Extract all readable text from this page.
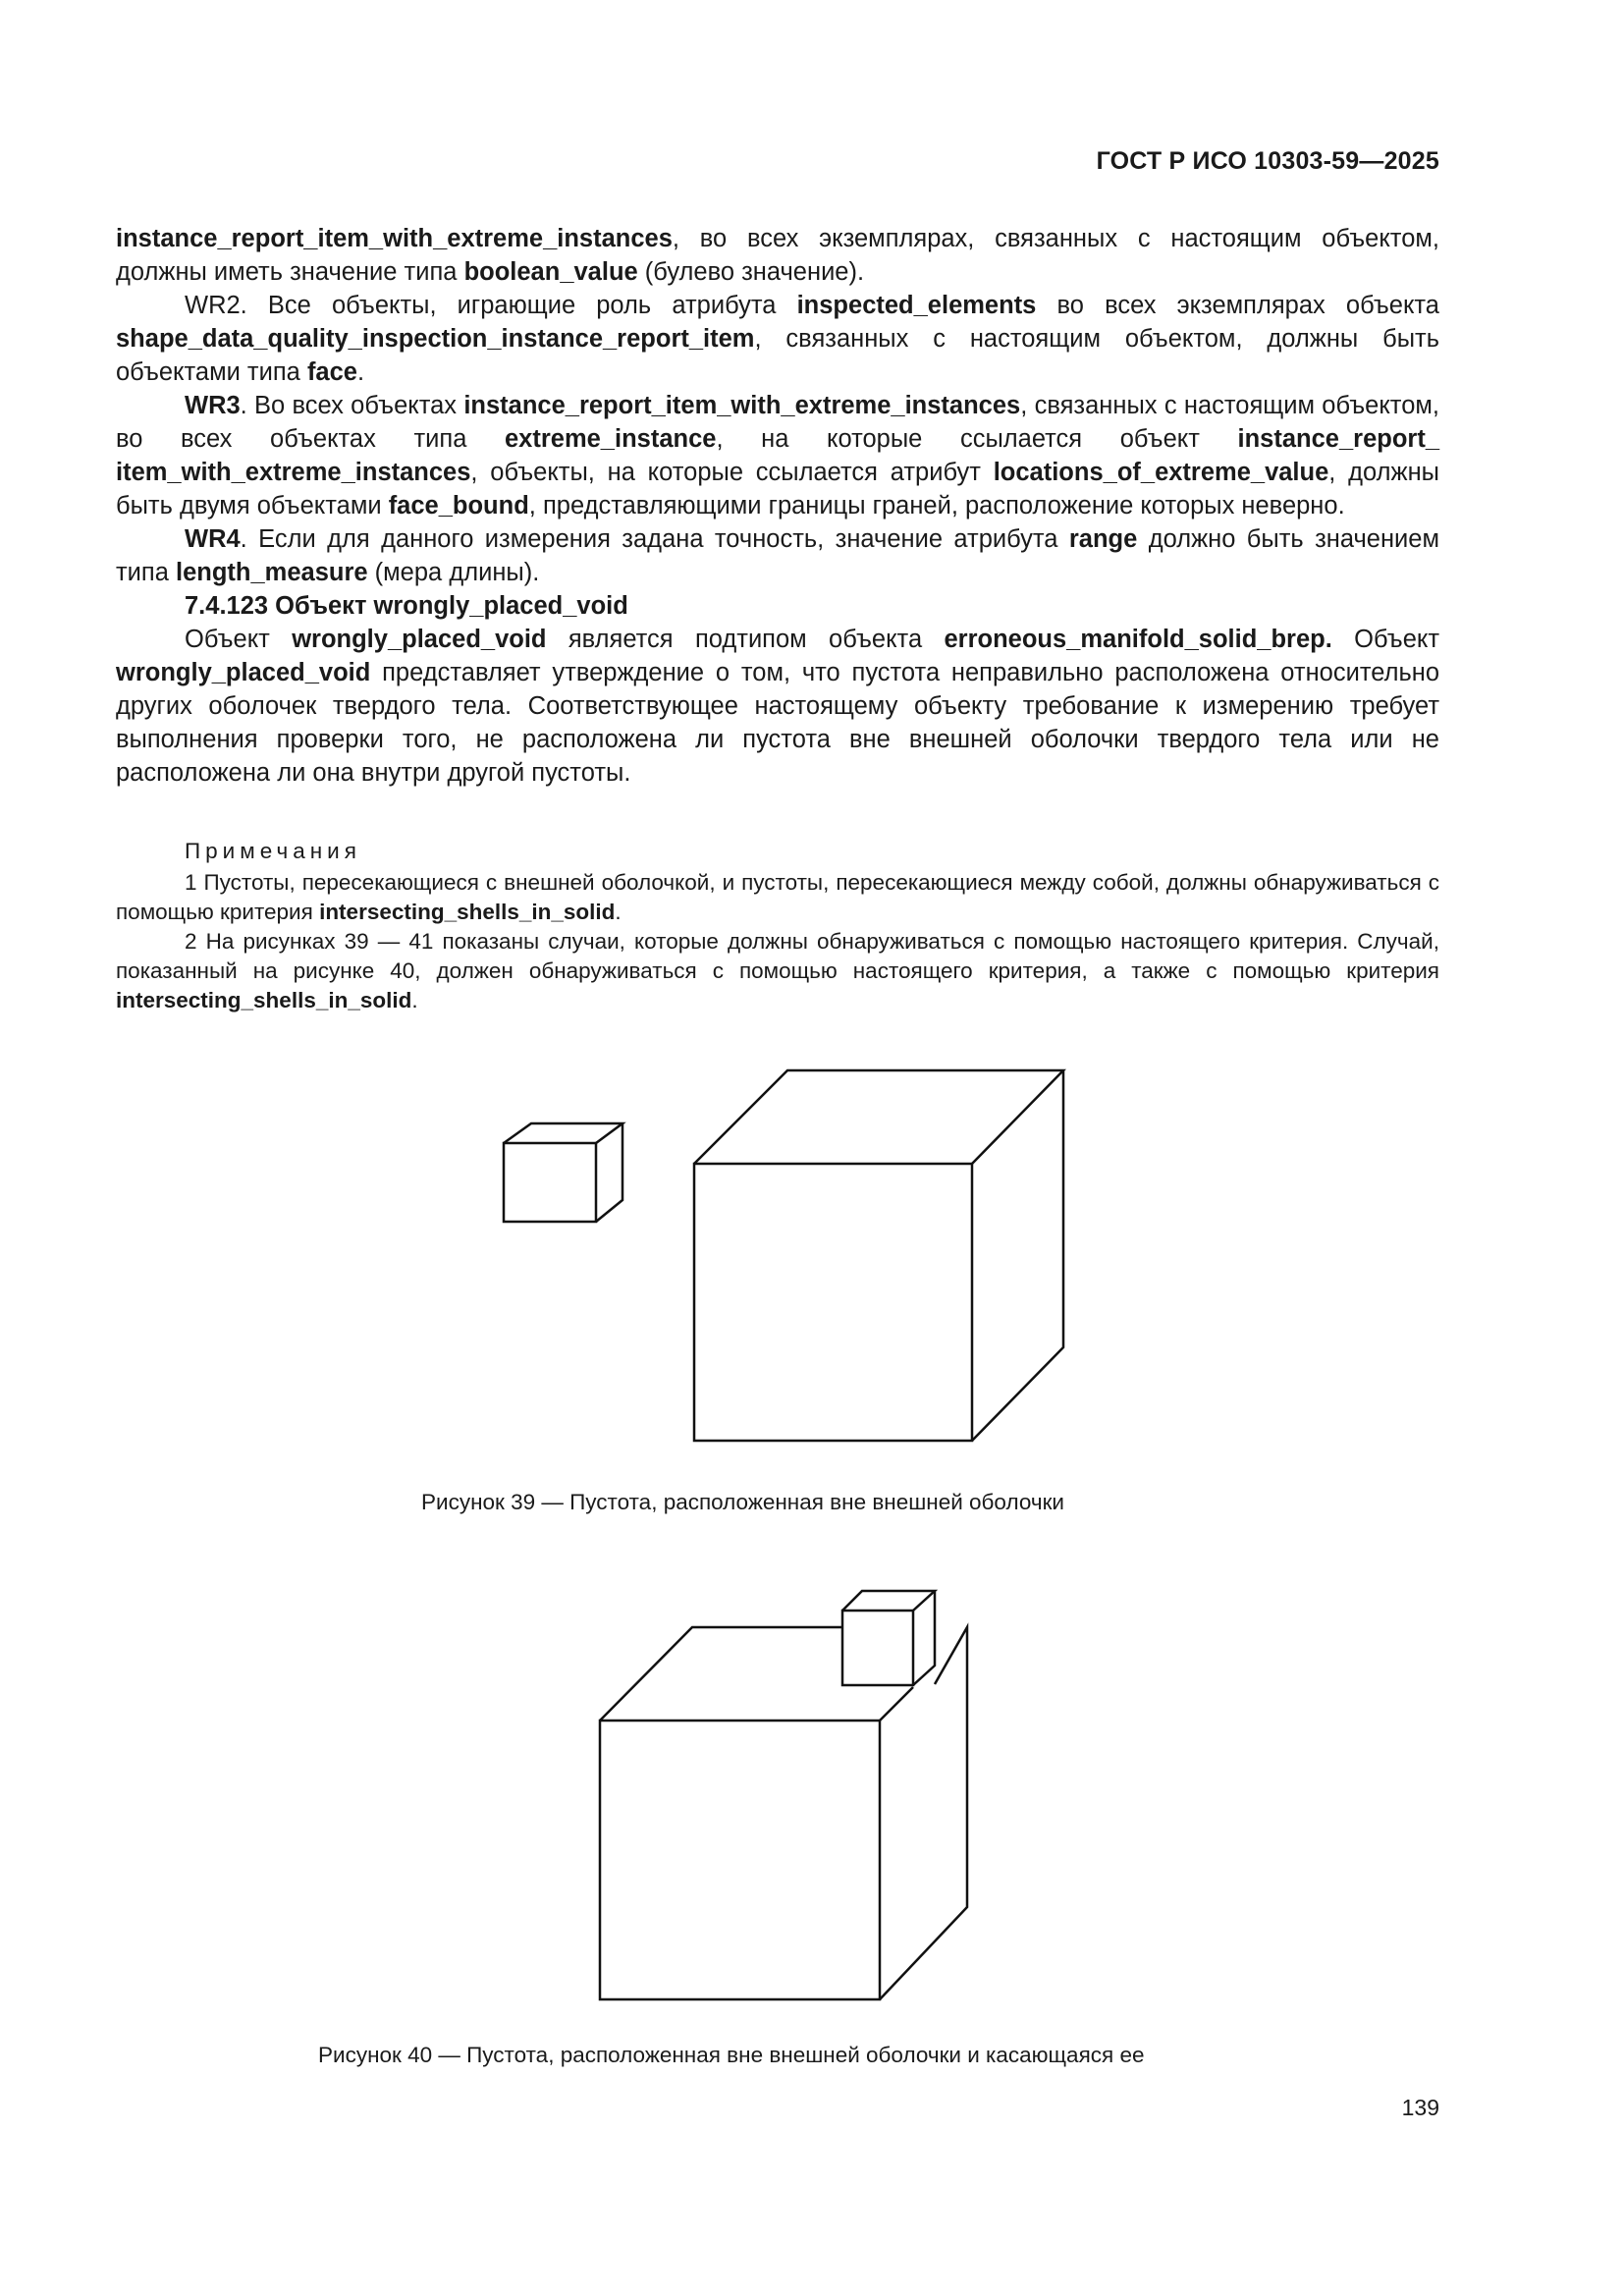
ГОСТ Р ИСО 10303-59—2025

instance_report_item_with_extreme_instances, во всех экземплярах, связанных с настоящим объектом, должны иметь значение типа boolean_value (булево значение).

WR2. Все объекты, играющие роль атрибута inspected_elements во всех экземплярах объекта shape_data_quality_inspection_instance_report_item, связанных с настоящим объектом, должны быть объектами типа face.

WR3. Во всех объектах instance_report_item_with_extreme_instances, связанных с настоящим объектом, во всех объектах типа extreme_instance, на которые ссылается объект instance_report_ item_with_extreme_instances, объекты, на которые ссылается атрибут locations_of_extreme_value, должны быть двумя объектами face_bound, представляющими границы граней, расположение которых неверно.

WR4. Если для данного измерения задана точность, значение атрибута range должно быть значением типа length_measure (мера длины).

7.4.123 Объект wrongly_placed_void

Объект wrongly_placed_void является подтипом объекта erroneous_manifold_solid_brep. Объект wrongly_placed_void представляет утверждение о том, что пустота неправильно расположена относительно других оболочек твердого тела. Соответствующее настоящему объекту требование к измерению требует выполнения проверки того, не расположена ли пустота вне внешней оболочки твердого тела или не расположена ли она внутри другой пустоты.

Примечания

1 Пустоты, пересекающиеся с внешней оболочкой, и пустоты, пересекающиеся между собой, должны обнаруживаться с помощью критерия intersecting_shells_in_solid.

2 На рисунках 39 — 41 показаны случаи, которые должны обнаруживаться с помощью настоящего критерия. Случай, показанный на рисунке 40, должен обнаруживаться с помощью настоящего критерия, а также с помощью критерия intersecting_shells_in_solid.

Рисунок 39 — Пустота, расположенная вне внешней оболочки
Рисунок 40 — Пустота, расположенная вне внешней оболочки и касающаяся ее
139
